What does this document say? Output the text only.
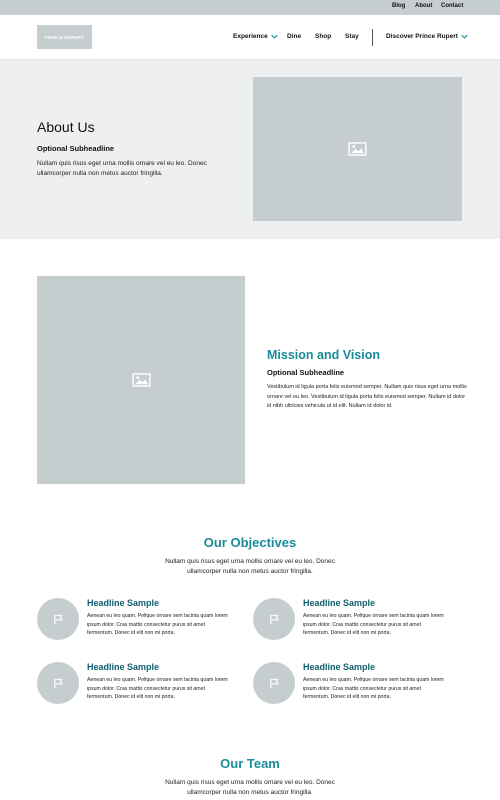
Blog About Contact
PRINCE RUPERT	Experience	Dine Shop Stay	Discover Prince Rupert
About Us
Optional Subheadline

Nullam quis risus eget urna mollis ornare vel eu leo. Donec ullamcorper nulla non metus auctor fringilla.

Mission and Vision
Optional Subheadline

Vestibulum id ligula porta felis euismod semper. Nullam quis risus eget urna mollis ornare vel eu leo. Vestibulum id ligula porta felis euismod semper. Nullam id dolor id nibh ultricies vehicula ut id elit. Nullam id dolor id.

Our Objectives
Nullam quis risus eget urna mollis ornare vel eu leo. Donec ullamcorper nulla non metus auctor fringilla.
Headline Sample

Aenean eu leo quam. Pellque ornare sem lacinia quam lorem ipsum dolor. Cras mattis consectetur purus sit amet fermentum. Donec id elit non mi porta.

Headline Sample

Aenean eu leo quam. Pellque ornare sem lacinia quam lorem ipsum dolor. Cras mattis consectetur purus sit amet fermentum. Donec id elit non mi porta.

Headline Sample

Aenean eu leo quam. Pellque ornare sem lacinia quam lorem ipsum dolor. Cras mattis consectetur purus sit amet fermentum. Donec id elit non mi porta.

Headline Sample

Aenean eu leo quam. Pellque ornare sem lacinia quam lorem ipsum dolor. Cras mattis consectetur purus sit amet fermentum. Donec id elit non mi porta.

Our Team
Nullam quis risus eget urna mollis ornare vel eu leo. Donec ullamcorper nulla non metus auctor fringilla.
